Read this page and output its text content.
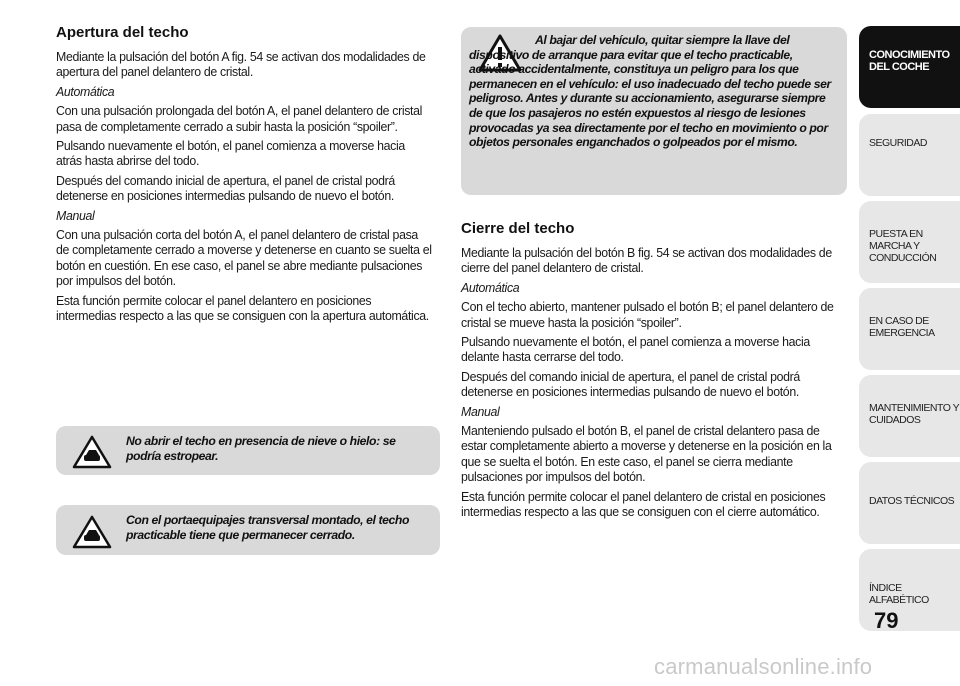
Apertura del techo

Mediante la pulsación del botón A fig. 54 se activan dos modalidades de apertura del panel delantero de cristal.

Automática

Con una pulsación prolongada del botón A, el panel delantero de cristal pasa de completamente cerrado a subir hasta la posición “spoiler”.

Pulsando nuevamente el botón, el panel comienza a moverse hacia atrás hasta abrirse del todo.

Después del comando inicial de apertura, el panel de cristal podrá detenerse en posiciones intermedias pulsando de nuevo el botón.

Manual

Con una pulsación corta del botón A, el panel delantero de cristal pasa de completamente cerrado a moverse y detenerse en cuanto se suelta el botón en cuestión. En ese caso, el panel se abre mediante pulsaciones por impulsos del botón.

Esta función permite colocar el panel delantero en posiciones intermedias respecto a las que se consiguen con la apertura automática.

No abrir el techo en presencia de nieve o hielo: se podría estropear.
Con el portaequipajes transversal montado, el techo practicable tiene que permanecer cerrado.
Al bajar del vehículo, quitar siempre la llave del dispositivo de arranque para evitar que el techo practicable, activado accidentalmente, constituya un peligro para los que permanecen en el vehículo: el uso inadecuado del techo puede ser peligroso. Antes y durante su accionamiento, asegurarse siempre de que los pasajeros no estén expuestos al riesgo de lesiones provocadas ya sea directamente por el techo en movimiento o por objetos personales enganchados o golpeados por el mismo.
Cierre del techo

Mediante la pulsación del botón B fig. 54 se activan dos modalidades de cierre del panel delantero de cristal.

Automática

Con el techo abierto, mantener pulsado el botón B; el panel delantero de cristal se mueve hasta la posición “spoiler”.

Pulsando nuevamente el botón, el panel comienza a moverse hacia delante hasta cerrarse del todo.

Después del comando inicial de apertura, el panel de cristal podrá detenerse en posiciones intermedias pulsando de nuevo el botón.

Manual

Manteniendo pulsado el botón B, el panel de cristal delantero pasa de estar completamente abierto a moverse y detenerse en la posición en la que se suelta el botón. En este caso, el panel se cierra mediante pulsaciones por impulsos del botón.

Esta función permite colocar el panel delantero de cristal en posiciones intermedias respecto a las que se consiguen con el cierre automático.

CONOCIMIENTO DEL COCHE
SEGURIDAD
PUESTA EN MARCHA Y CONDUCCIÓN
EN CASO DE EMERGENCIA
MANTENIMIENTO Y CUIDADOS
DATOS TÉCNICOS
ÍNDICE ALFABÉTICO
79
carmanualsonline.info
